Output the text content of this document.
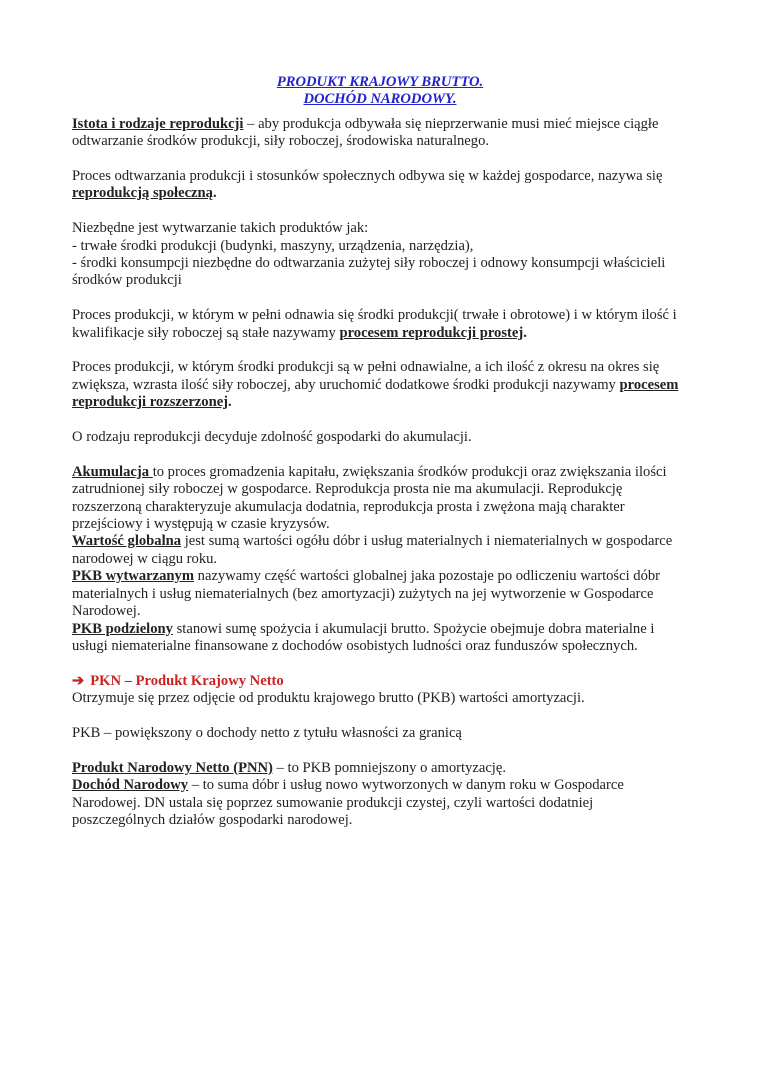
PRODUKT KRAJOWY BRUTTO.

DOCHÓD NARODOWY.

Istota i rodzaje reprodukcji – aby produkcja odbywała się nieprzerwanie musi mieć miejsce ciągłe odtwarzanie środków produkcji, siły roboczej, środowiska naturalnego.

Proces odtwarzania produkcji i stosunków społecznych odbywa się w każdej gospodarce, nazywa się reprodukcją społeczną.

Niezbędne jest wytwarzanie takich produktów jak:

- trwałe środki produkcji (budynki, maszyny, urządzenia, narzędzia),

- środki konsumpcji niezbędne do odtwarzania zużytej siły roboczej i odnowy konsumpcji właścicieli środków produkcji

Proces produkcji, w którym w pełni odnawia się środki produkcji( trwałe i obrotowe) i w którym ilość i kwalifikacje siły roboczej są stałe nazywamy procesem reprodukcji prostej.

Proces produkcji, w którym środki produkcji są w pełni odnawialne, a ich ilość z okresu na okres się zwiększa, wzrasta ilość siły roboczej, aby uruchomić dodatkowe środki produkcji nazywamy procesem reprodukcji rozszerzonej.

O rodzaju reprodukcji decyduje zdolność gospodarki do akumulacji.

Akumulacja to proces gromadzenia kapitału, zwiększania środków produkcji oraz zwiększania ilości zatrudnionej siły roboczej w gospodarce. Reprodukcja prosta nie ma akumulacji. Reprodukcję rozszerzoną charakteryzuje akumulacja dodatnia, reprodukcja prosta i zwężona mają charakter przejściowy i występują w czasie kryzysów.

Wartość globalna jest sumą wartości ogółu dóbr i usług materialnych i niematerialnych w gospodarce narodowej w ciągu roku.

PKB wytwarzanym nazywamy część wartości globalnej jaka pozostaje po odliczeniu wartości dóbr materialnych i usług niematerialnych (bez amortyzacji) zużytych na jej wytworzenie w Gospodarce Narodowej.

PKB podzielony stanowi sumę spożycia i akumulacji brutto. Spożycie obejmuje dobra materialne i usługi niematerialne finansowane z dochodów osobistych ludności oraz funduszów społecznych.

➔ PKN – Produkt Krajowy Netto

Otrzymuje się przez odjęcie od produktu krajowego brutto (PKB) wartości amortyzacji.

PKB – powiększony o dochody netto z tytułu własności za granicą

Produkt Narodowy Netto (PNN) – to PKB pomniejszony o amortyzację.

Dochód Narodowy – to suma dóbr i usług nowo wytworzonych w danym roku w Gospodarce Narodowej. DN ustala się poprzez sumowanie produkcji czystej, czyli wartości dodatniej poszczególnych działów gospodarki narodowej.
